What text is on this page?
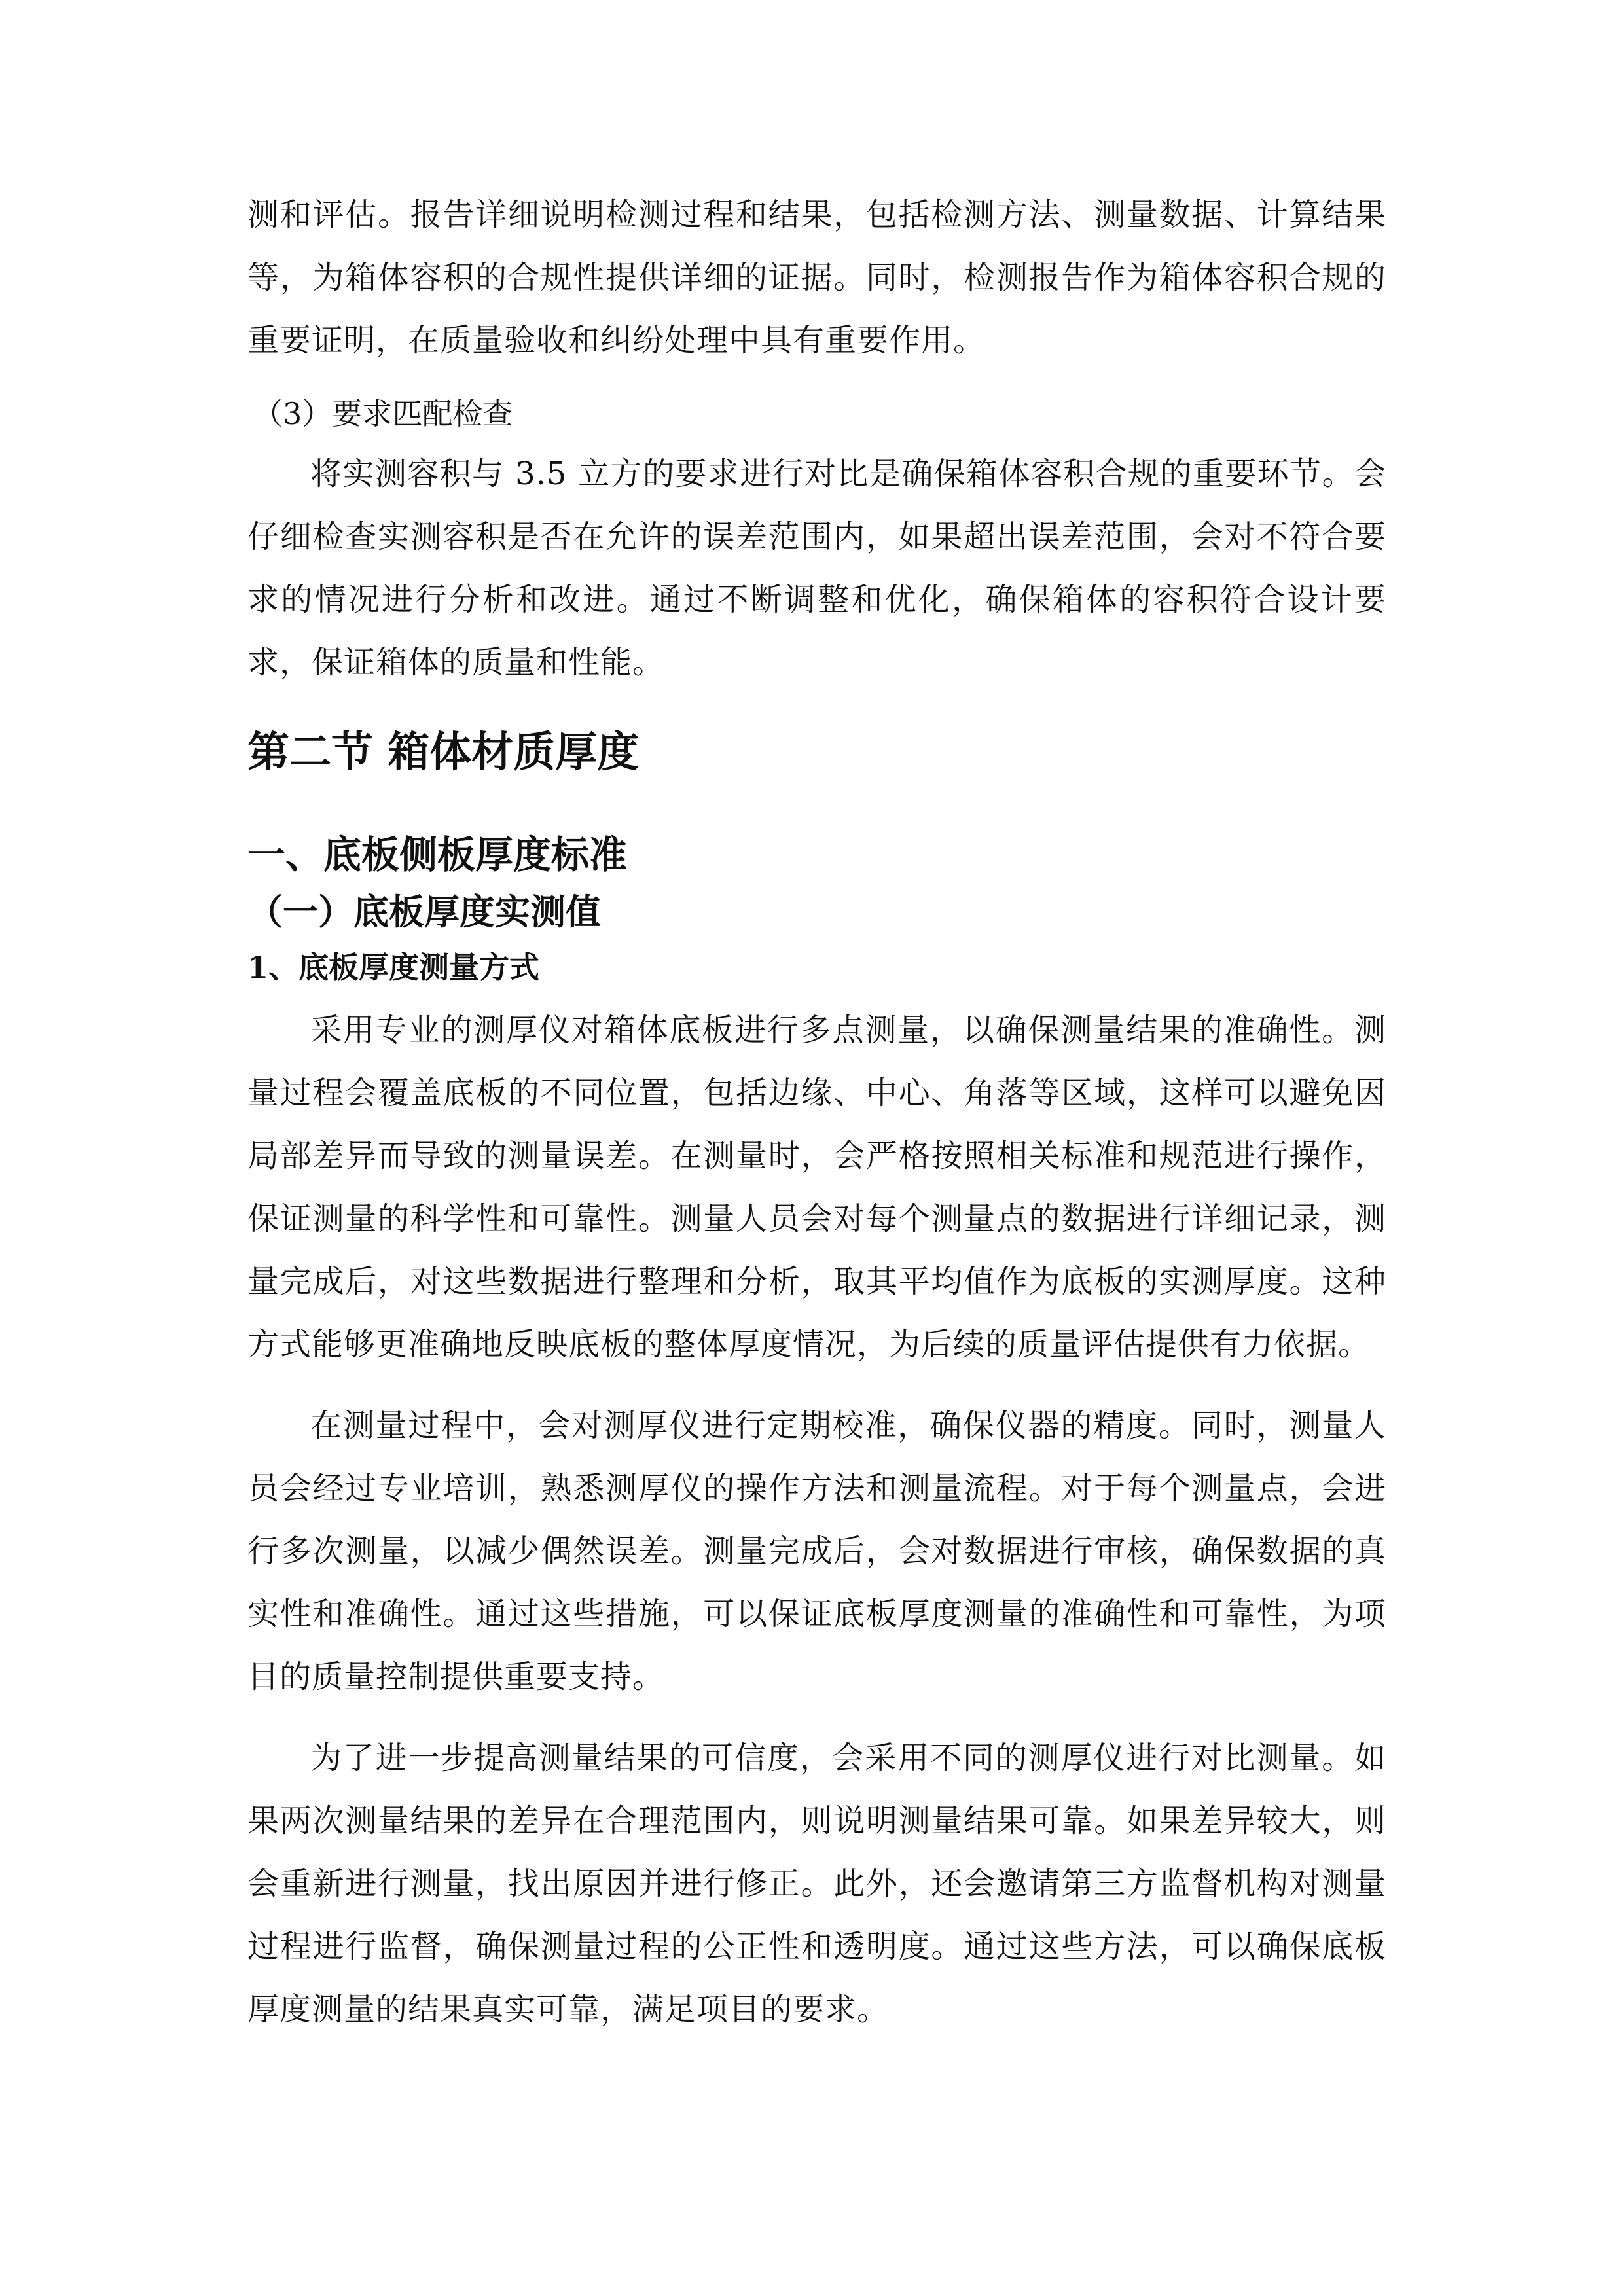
测和评估。报告详细说明检测过程和结果，包括检测方法、测量数据、计算结果等，为箱体容积的合规性提供详细的证据。同时，检测报告作为箱体容积合规的重要证明，在质量验收和纠纷处理中具有重要作用。

（3）要求匹配检查

将实测容积与 3.5 立方的要求进行对比是确保箱体容积合规的重要环节。会仔细检查实测容积是否在允许的误差范围内，如果超出误差范围，会对不符合要求的情况进行分析和改进。通过不断调整和优化，确保箱体的容积符合设计要求，保证箱体的质量和性能。

第二节 箱体材质厚度
一、底板侧板厚度标准
（一）底板厚度实测值
1、底板厚度测量方式

采用专业的测厚仪对箱体底板进行多点测量，以确保测量结果的准确性。测量过程会覆盖底板的不同位置，包括边缘、中心、角落等区域，这样可以避免因局部差异而导致的测量误差。在测量时，会严格按照相关标准和规范进行操作，保证测量的科学性和可靠性。测量人员会对每个测量点的数据进行详细记录，测量完成后，对这些数据进行整理和分析，取其平均值作为底板的实测厚度。这种方式能够更准确地反映底板的整体厚度情况，为后续的质量评估提供有力依据。

在测量过程中，会对测厚仪进行定期校准，确保仪器的精度。同时，测量人员会经过专业培训，熟悉测厚仪的操作方法和测量流程。对于每个测量点，会进行多次测量，以减少偶然误差。测量完成后，会对数据进行审核，确保数据的真实性和准确性。通过这些措施，可以保证底板厚度测量的准确性和可靠性，为项目的质量控制提供重要支持。

为了进一步提高测量结果的可信度，会采用不同的测厚仪进行对比测量。如果两次测量结果的差异在合理范围内，则说明测量结果可靠。如果差异较大，则会重新进行测量，找出原因并进行修正。此外，还会邀请第三方监督机构对测量过程进行监督，确保测量过程的公正性和透明度。通过这些方法，可以确保底板厚度测量的结果真实可靠，满足项目的要求。
